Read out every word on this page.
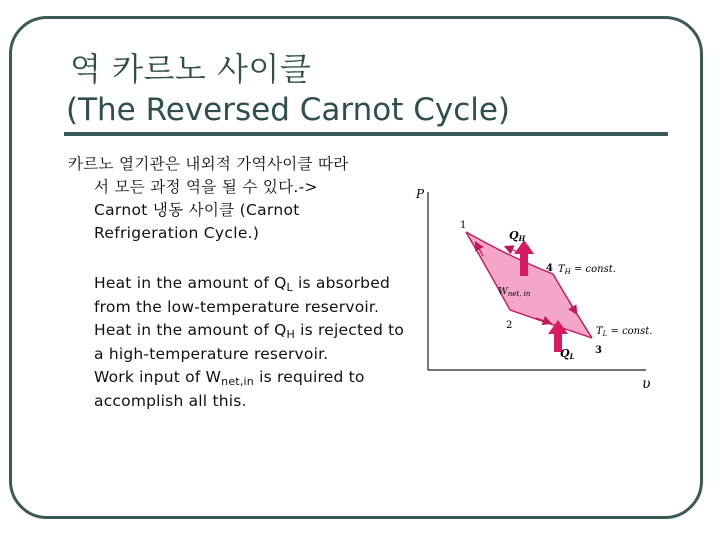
역 카르노 사이클
(The Reversed Carnot Cycle)
카르노 열기관은 내외적 가역사이클 따라
서 모든 과정 역을 될 수 있다.->
Carnot 냉동 사이클 (Carnot
Refrigeration Cycle.)

Heat in the amount of $Q_L$ is absorbed from the low-temperature reservoir.

Heat in the amount of $Q_H$ is rejected to a high-temperature reservoir.

Work input of $W_{net,in}$ is required to accomplish all this.

P
υ
1
2
3
4
QH
QL
$W_{net, in}$
$T_H$ = const.
$T_L$ = const.
